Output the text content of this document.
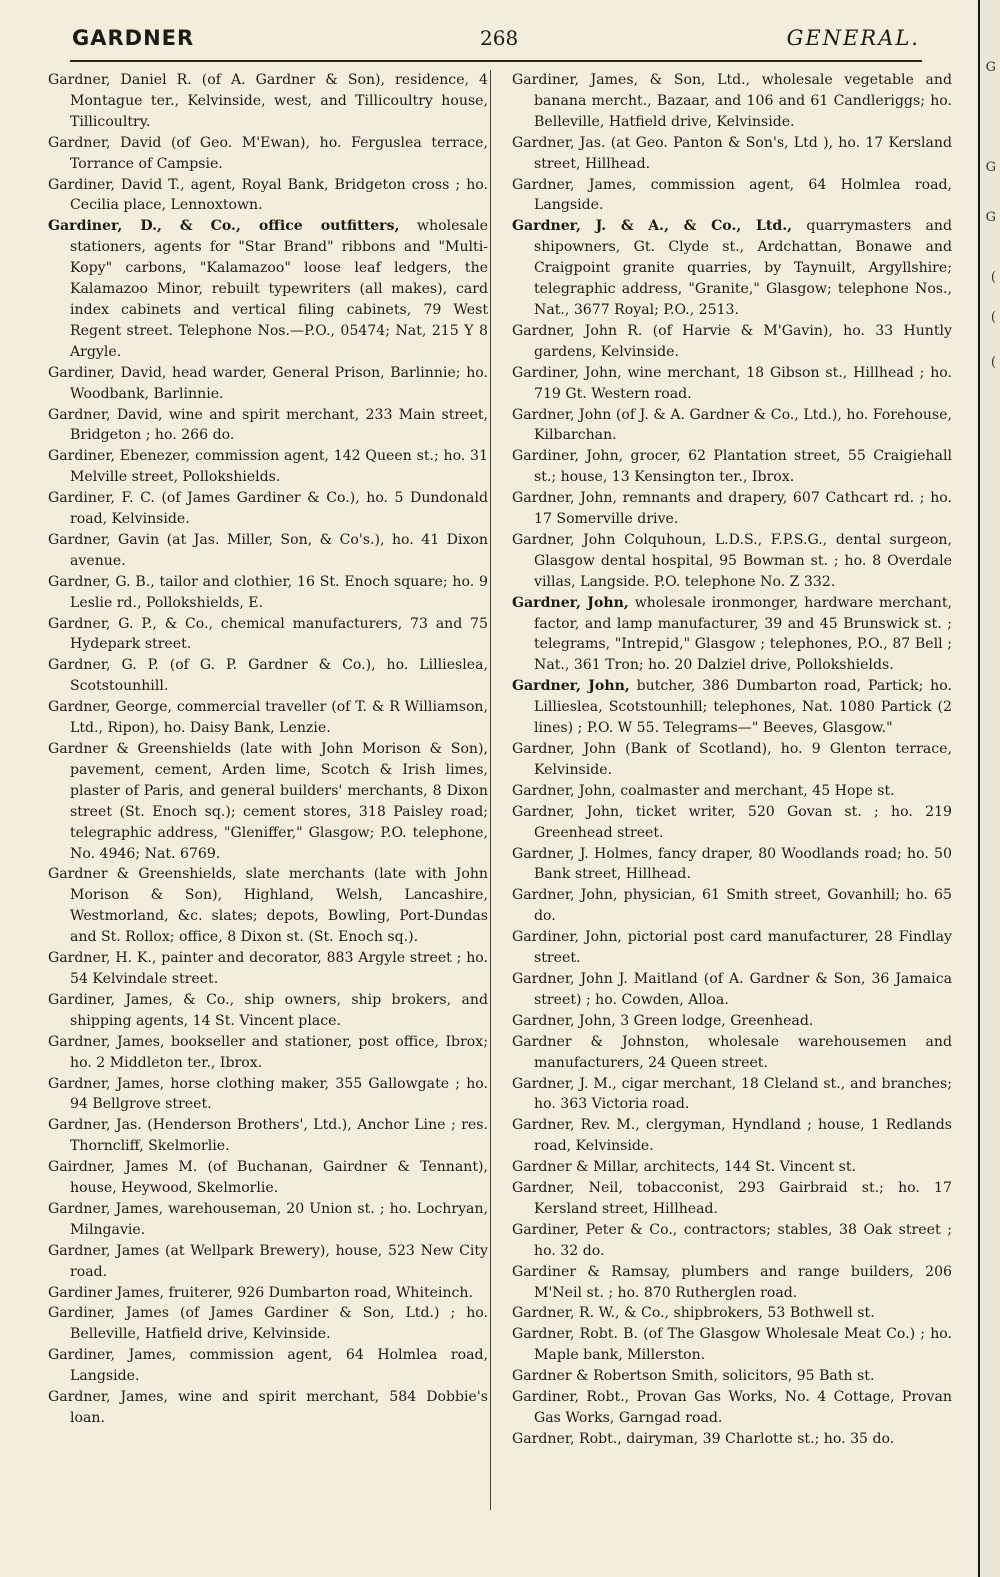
GARDNER	268	GENERAL.
Gardner, Daniel R. (of A. Gardner & Son), residence, 4 Montague ter., Kelvinside, west, and Tillicoultry house, Tillicoultry.
Gardner, David (of Geo. M'Ewan), ho. Ferguslea terrace, Torrance of Campsie.
Gardiner, David T., agent, Royal Bank, Bridgeton cross ; ho. Cecilia place, Lennoxtown.
Gardiner, D., & Co., office outfitters, wholesale stationers, agents for "Star Brand" ribbons and "Multi-Kopy" carbons, "Kalamazoo" loose leaf ledgers, the Kalamazoo Minor, rebuilt typewriters (all makes), card index cabinets and vertical filing cabinets, 79 West Regent street. Telephone Nos.—P.O., 05474; Nat, 215 Y 8 Argyle.
Gardiner, David, head warder, General Prison, Barlinnie; ho. Woodbank, Barlinnie.
Gardner, David, wine and spirit merchant, 233 Main street, Bridgeton ; ho. 266 do.
Gardiner, Ebenezer, commission agent, 142 Queen st.; ho. 31 Melville street, Pollokshields.
Gardiner, F. C. (of James Gardiner & Co.), ho. 5 Dundonald road, Kelvinside.
Gardner, Gavin (at Jas. Miller, Son, & Co's.), ho. 41 Dixon avenue.
Gardner, G. B., tailor and clothier, 16 St. Enoch square; ho. 9 Leslie rd., Pollokshields, E.
Gardner, G. P., & Co., chemical manufacturers, 73 and 75 Hydepark street.
Gardner, G. P. (of G. P. Gardner & Co.), ho. Lillieslea, Scotstounhill.
Gardner, George, commercial traveller (of T. & R Williamson, Ltd., Ripon), ho. Daisy Bank, Lenzie.
Gardner & Greenshields (late with John Morison & Son), pavement, cement, Arden lime, Scotch & Irish limes, plaster of Paris, and general builders' merchants, 8 Dixon street (St. Enoch sq.); cement stores, 318 Paisley road; telegraphic address, "Gleniffer," Glasgow; P.O. telephone, No. 4946; Nat. 6769.
Gardner & Greenshields, slate merchants (late with John Morison & Son), Highland, Welsh, Lancashire, Westmorland, &c. slates; depots, Bowling, Port-Dundas and St. Rollox; office, 8 Dixon st. (St. Enoch sq.).
Gardner, H. K., painter and decorator, 883 Argyle street ; ho. 54 Kelvindale street.
Gardiner, James, & Co., ship owners, ship brokers, and shipping agents, 14 St. Vincent place.
Gardner, James, bookseller and stationer, post office, Ibrox; ho. 2 Middleton ter., Ibrox.
Gardner, James, horse clothing maker, 355 Gallowgate ; ho. 94 Bellgrove street.
Gardner, Jas. (Henderson Brothers', Ltd.), Anchor Line ; res. Thorncliff, Skelmorlie.
Gairdner, James M. (of Buchanan, Gairdner & Tennant), house, Heywood, Skelmorlie.
Gardner, James, warehouseman, 20 Union st. ; ho. Lochryan, Milngavie.
Gardner, James (at Wellpark Brewery), house, 523 New City road.
Gardiner James, fruiterer, 926 Dumbarton road, Whiteinch.
Gardiner, James (of James Gardiner & Son, Ltd.) ; ho. Belleville, Hatfield drive, Kelvinside.
Gardiner, James, commission agent, 64 Holmlea road, Langside.
Gardner, James, wine and spirit merchant, 584 Dobbie's loan.
Gardiner, James, & Son, Ltd., wholesale vegetable and banana mercht., Bazaar, and 106 and 61 Candleriggs; ho. Belleville, Hatfield drive, Kelvinside.
Gardner, Jas. (at Geo. Panton & Son's, Ltd ), ho. 17 Kersland street, Hillhead.
Gardner, James, commission agent, 64 Holmlea road, Langside.
Gardner, J. & A., & Co., Ltd., quarrymasters and shipowners, Gt. Clyde st., Ardchattan, Bonawe and Craigpoint granite quarries, by Taynuilt, Argyllshire; telegraphic address, "Granite," Glasgow; telephone Nos., Nat., 3677 Royal; P.O., 2513.
Gardner, John R. (of Harvie & M'Gavin), ho. 33 Huntly gardens, Kelvinside.
Gardiner, John, wine merchant, 18 Gibson st., Hillhead ; ho. 719 Gt. Western road.
Gardner, John (of J. & A. Gardner & Co., Ltd.), ho. Forehouse, Kilbarchan.
Gardiner, John, grocer, 62 Plantation street, 55 Craigiehall st.; house, 13 Kensington ter., Ibrox.
Gardner, John, remnants and drapery, 607 Cathcart rd. ; ho. 17 Somerville drive.
Gardner, John Colquhoun, L.D.S., F.P.S.G., dental surgeon, Glasgow dental hospital, 95 Bowman st. ; ho. 8 Overdale villas, Langside. P.O. telephone No. Z 332.
Gardner, John, wholesale ironmonger, hardware merchant, factor, and lamp manufacturer, 39 and 45 Brunswick st. ; telegrams, "Intrepid," Glasgow ; telephones, P.O., 87 Bell ; Nat., 361 Tron; ho. 20 Dalziel drive, Pollokshields.
Gardner, John, butcher, 386 Dumbarton road, Partick; ho. Lillieslea, Scotstounhill; telephones, Nat. 1080 Partick (2 lines) ; P.O. W 55. Telegrams—" Beeves, Glasgow."
Gardner, John (Bank of Scotland), ho. 9 Glenton terrace, Kelvinside.
Gardner, John, coalmaster and merchant, 45 Hope st.
Gardner, John, ticket writer, 520 Govan st. ; ho. 219 Greenhead street.
Gardner, J. Holmes, fancy draper, 80 Woodlands road; ho. 50 Bank street, Hillhead.
Gardner, John, physician, 61 Smith street, Govanhill; ho. 65 do.
Gardiner, John, pictorial post card manufacturer, 28 Findlay street.
Gardner, John J. Maitland (of A. Gardner & Son, 36 Jamaica street) ; ho. Cowden, Alloa.
Gardner, John, 3 Green lodge, Greenhead.
Gardner & Johnston, wholesale warehousemen and manufacturers, 24 Queen street.
Gardner, J. M., cigar merchant, 18 Cleland st., and branches; ho. 363 Victoria road.
Gardner, Rev. M., clergyman, Hyndland ; house, 1 Redlands road, Kelvinside.
Gardner & Millar, architects, 144 St. Vincent st.
Gardner, Neil, tobacconist, 293 Gairbraid st.; ho. 17 Kersland street, Hillhead.
Gardiner, Peter & Co., contractors; stables, 38 Oak street ; ho. 32 do.
Gardiner & Ramsay, plumbers and range builders, 206 M'Neil st. ; ho. 870 Rutherglen road.
Gardner, R. W., & Co., shipbrokers, 53 Bothwell st.
Gardner, Robt. B. (of The Glasgow Wholesale Meat Co.) ; ho. Maple bank, Millerston.
Gardner & Robertson Smith, solicitors, 95 Bath st.
Gardiner, Robt., Provan Gas Works, No. 4 Cottage, Provan Gas Works, Garngad road.
Gardner, Robt., dairyman, 39 Charlotte st.; ho. 35 do.
G
G
G
(
(
(
